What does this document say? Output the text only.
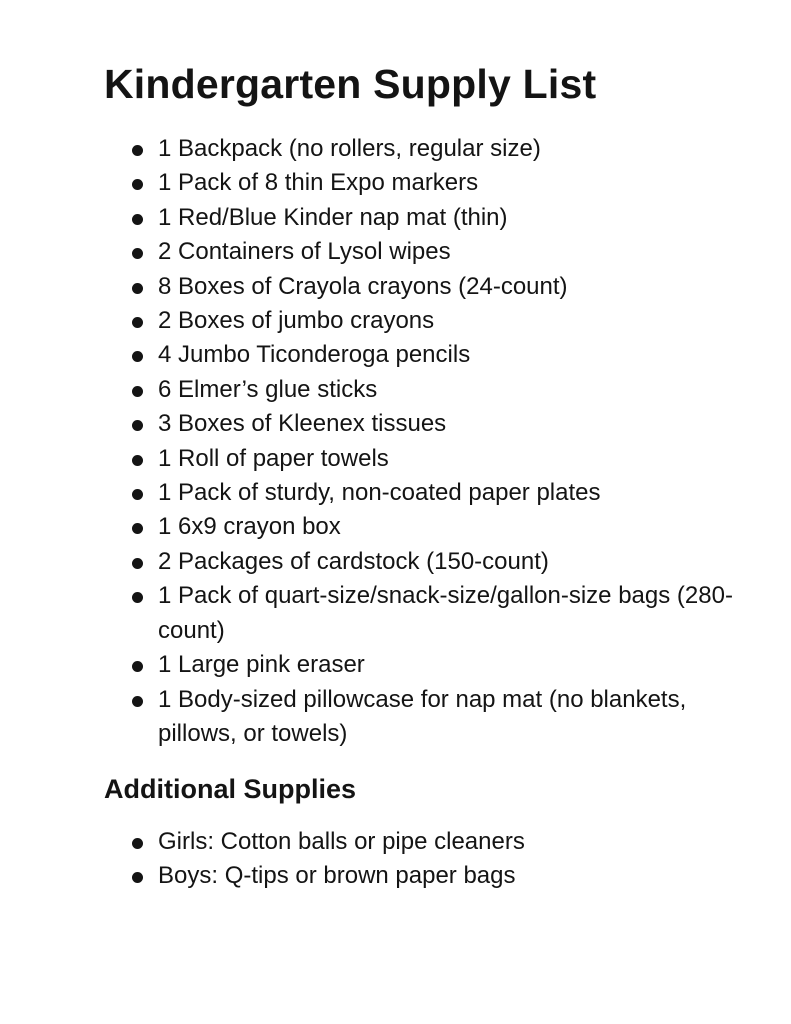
Kindergarten Supply List
1 Backpack (no rollers, regular size)
1 Pack of 8 thin Expo markers
1 Red/Blue Kinder nap mat (thin)
2 Containers of Lysol wipes
8 Boxes of Crayola crayons (24-count)
2 Boxes of jumbo crayons
4 Jumbo Ticonderoga pencils
6 Elmer’s glue sticks
3 Boxes of Kleenex tissues
1 Roll of paper towels
1 Pack of sturdy, non-coated paper plates
1 6x9 crayon box
2 Packages of cardstock (150-count)
1 Pack of quart-size/snack-size/gallon-size bags (280-count)
1 Large pink eraser
1 Body-sized pillowcase for nap mat (no blankets, pillows, or towels)
Additional Supplies
Girls: Cotton balls or pipe cleaners
Boys: Q-tips or brown paper bags
